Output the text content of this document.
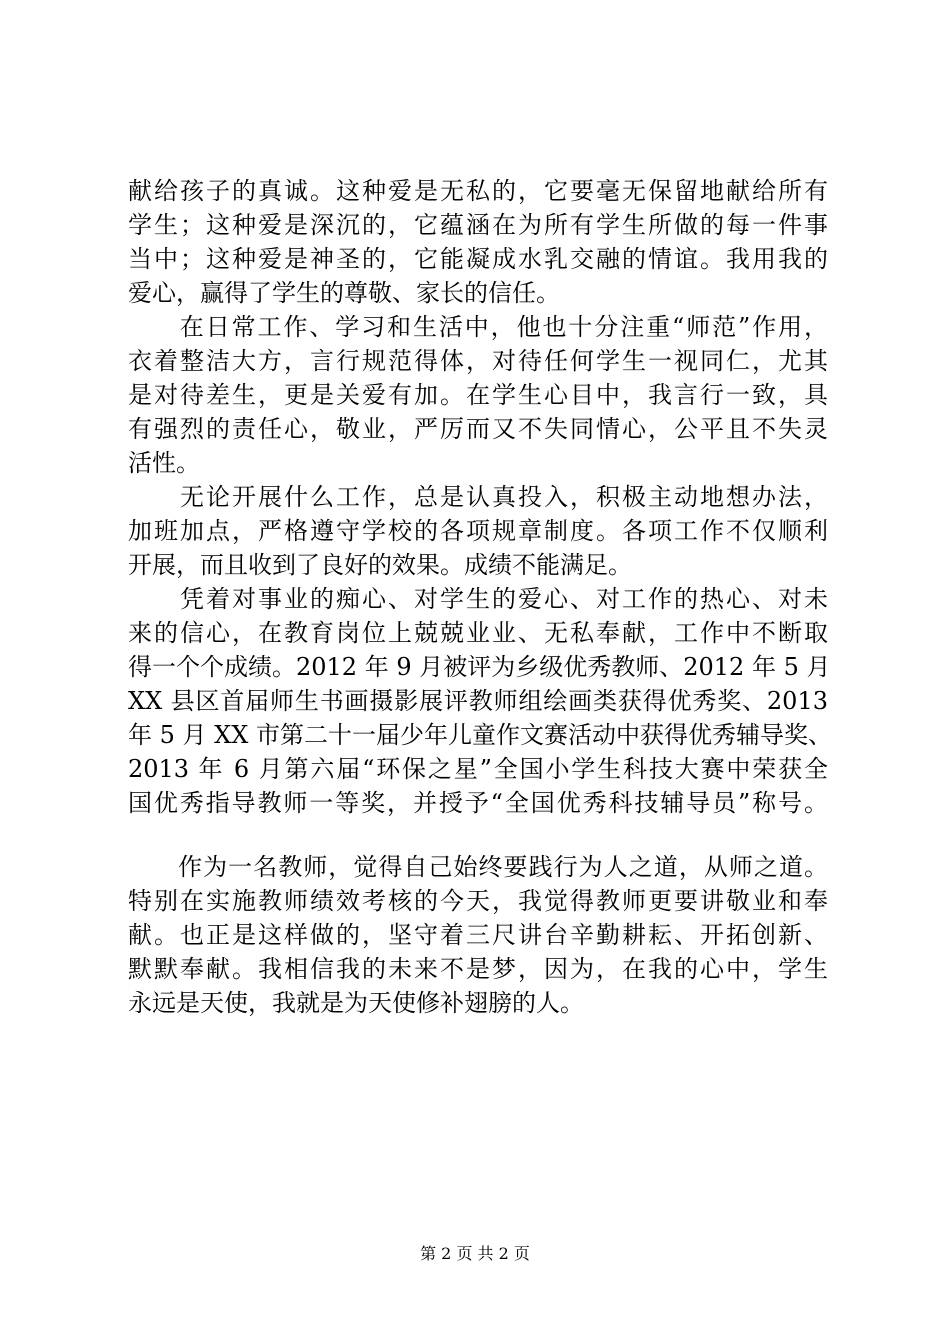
献给孩子的真诚。这种爱是无私的，它要毫无保留地献给所有
学生；这种爱是深沉的，它蕴涵在为所有学生所做的每一件事
当中；这种爱是神圣的，它能凝成水乳交融的情谊。我用我的
爱心，赢得了学生的尊敬、家长的信任。
　　在日常工作、学习和生活中，他也十分注重“师范”作用，
衣着整洁大方，言行规范得体，对待任何学生一视同仁，尤其
是对待差生，更是关爱有加。在学生心目中，我言行一致，具
有强烈的责任心，敬业，严厉而又不失同情心，公平且不失灵
活性。
　　无论开展什么工作，总是认真投入，积极主动地想办法，
加班加点，严格遵守学校的各项规章制度。各项工作不仅顺利
开展，而且收到了良好的效果。成绩不能满足。
　　凭着对事业的痴心、对学生的爱心、对工作的热心、对未
来的信心，在教育岗位上兢兢业业、无私奉献，工作中不断取
得一个个成绩。2012 年 9 月被评为乡级优秀教师、2012 年 5 月
XX 县区首届师生书画摄影展评教师组绘画类获得优秀奖、2013
年 5 月 XX 市第二十一届少年儿童作文赛活动中获得优秀辅导奖、
2013 年 6 月第六届“环保之星”全国小学生科技大赛中荣获全
国优秀指导教师一等奖，并授予“全国优秀科技辅导员”称号。
　　作为一名教师，觉得自己始终要践行为人之道，从师之道。
特别在实施教师绩效考核的今天，我觉得教师更要讲敬业和奉
献。也正是这样做的，坚守着三尺讲台辛勤耕耘、开拓创新、
默默奉献。我相信我的未来不是梦，因为，在我的心中，学生
永远是天使，我就是为天使修补翅膀的人。
第 2 页 共 2 页
